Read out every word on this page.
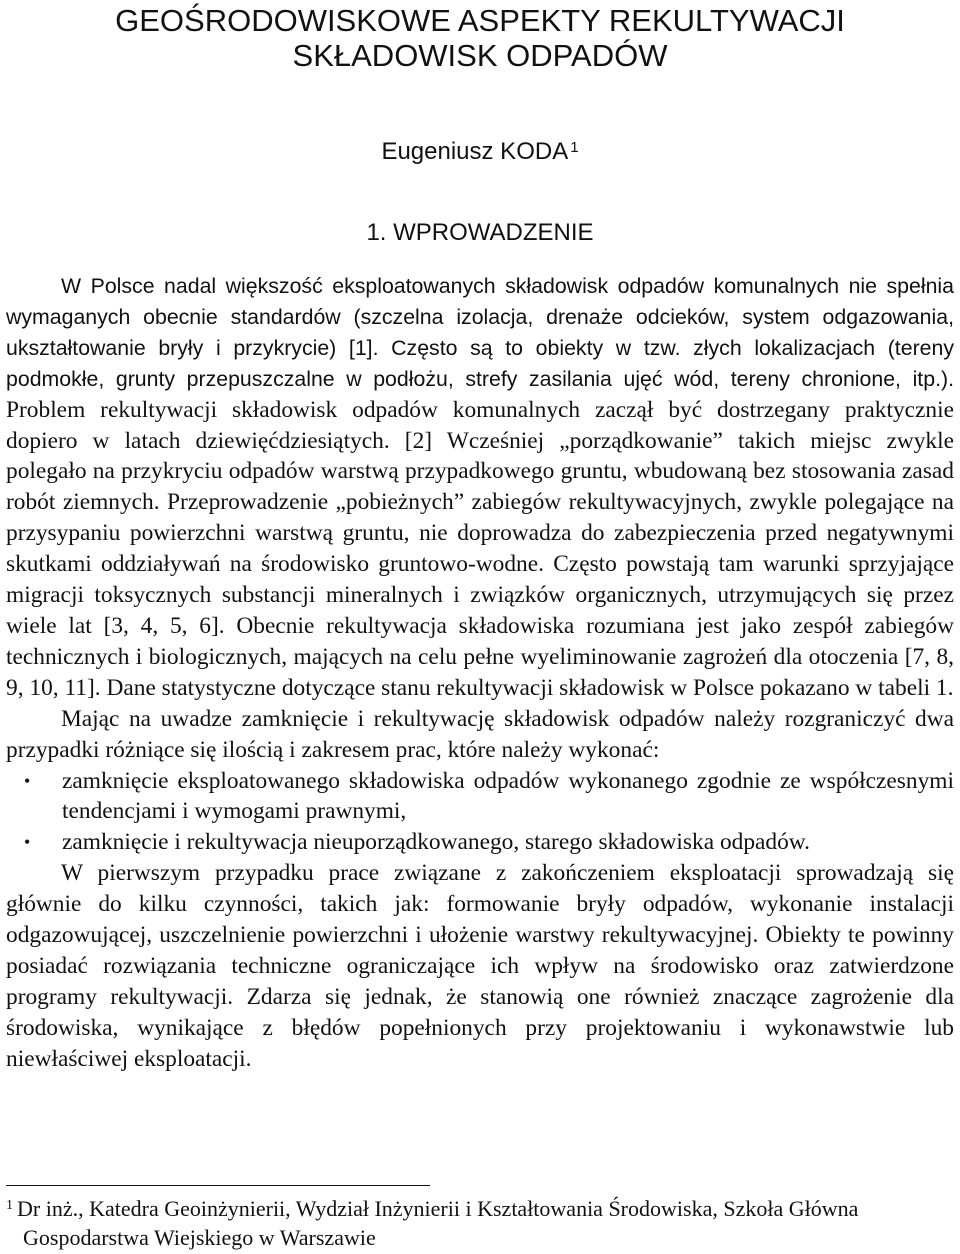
GEOŚRODOWISKOWE ASPEKTY REKULTYWACJI
SKŁADOWISK ODPADÓW

Eugeniusz KODA $^1$

1. WPROWADZENIE

W Polsce nadal większość eksploatowanych składowisk odpadów komunalnych nie spełnia wymaganych obecnie standardów (szczelna izolacja, drenaże odcieków, system odgazowania, ukształtowanie bryły i przykrycie) [1]. Często są to obiekty w tzw. złych lokalizacjach (tereny podmokłe, grunty przepuszczalne w podłożu, strefy zasilania ujęć wód, tereny chronione, itp.). Problem rekultywacji składowisk odpadów komunalnych zaczął być dostrzegany praktycznie dopiero w latach dziewięćdziesiątych. [2] Wcześniej „porządkowanie” takich miejsc zwykle polegało na przykryciu odpadów warstwą przypadkowego gruntu, wbudowaną bez stosowania zasad robót ziemnych. Przeprowadzenie „pobieżnych” zabiegów rekultywacyjnych, zwykle polegające na przysypaniu powierzchni warstwą gruntu, nie doprowadza do zabezpieczenia przed negatywnymi skutkami oddziaływań na środowisko gruntowo-wodne. Często powstają tam warunki sprzyjające migracji toksycznych substancji mineralnych i związków organicznych, utrzymujących się przez wiele lat [3, 4, 5, 6]. Obecnie rekultywacja składowiska rozumiana jest jako zespół zabiegów technicznych i biologicznych, mających na celu pełne wyeliminowanie zagrożeń dla otoczenia [7, 8, 9, 10, 11]. Dane statystyczne dotyczące stanu rekultywacji składowisk w Polsce pokazano w tabeli 1.

Mając na uwadze zamknięcie i rekultywację składowisk odpadów należy rozgraniczyć dwa przypadki różniące się ilością i zakresem prac, które należy wykonać:

• zamknięcie eksploatowanego składowiska odpadów wykonanego zgodnie ze współczesnymi tendencjami i wymogami prawnymi,
• zamknięcie i rekultywacja nieuporządkowanego, starego składowiska odpadów.

W pierwszym przypadku prace związane z zakończeniem eksploatacji sprowadzają się głównie do kilku czynności, takich jak: formowanie bryły odpadów, wykonanie instalacji odgazowującej, uszczelnienie powierzchni i ułożenie warstwy rekultywacyjnej. Obiekty te powinny posiadać rozwiązania techniczne ograniczające ich wpływ na środowisko oraz zatwierdzone programy rekultywacji. Zdarza się jednak, że stanowią one również znaczące zagrożenie dla środowiska, wynikające z błędów popełnionych przy projektowaniu i wykonawstwie lub niewłaściwej eksploatacji.

$^1$ Dr inż., Katedra Geoinżynierii, Wydział Inżynierii i Kształtowania Środowiska, Szkoła Główna Gospodarstwa Wiejskiego w Warszawie
